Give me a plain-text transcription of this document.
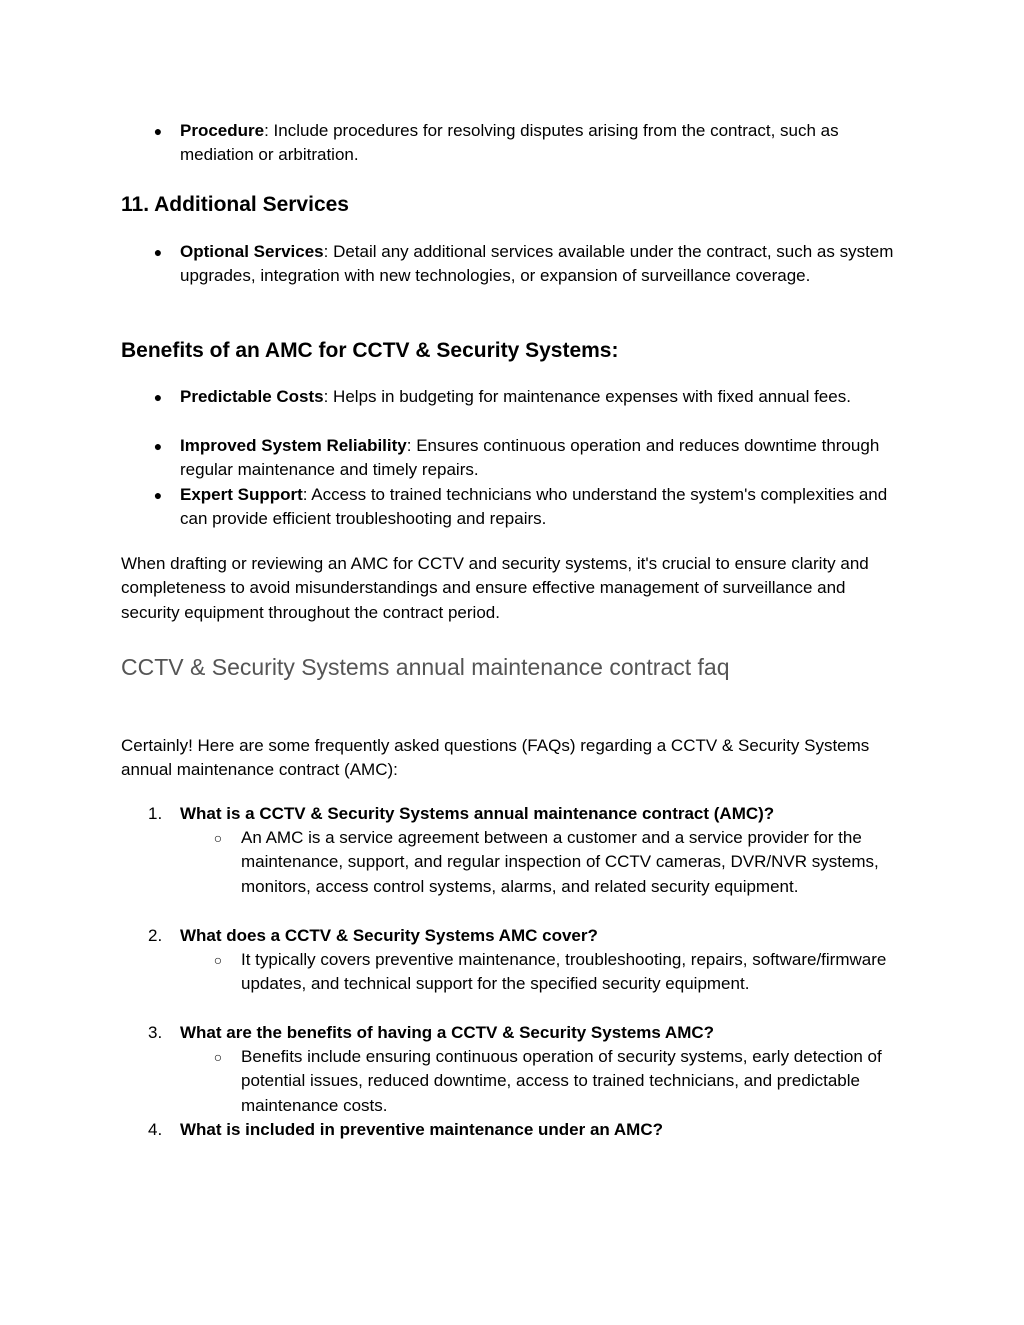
● Procedure: Include procedures for resolving disputes arising from the contract, such as mediation or arbitration.
11. Additional Services
● Optional Services: Detail any additional services available under the contract, such as system upgrades, integration with new technologies, or expansion of surveillance coverage.
Benefits of an AMC for CCTV & Security Systems:
● Predictable Costs: Helps in budgeting for maintenance expenses with fixed annual fees.
● Improved System Reliability: Ensures continuous operation and reduces downtime through regular maintenance and timely repairs.
● Expert Support: Access to trained technicians who understand the system's complexities and can provide efficient troubleshooting and repairs.
When drafting or reviewing an AMC for CCTV and security systems, it's crucial to ensure clarity and completeness to avoid misunderstandings and ensure effective management of surveillance and security equipment throughout the contract period.
CCTV & Security Systems annual maintenance contract faq
Certainly! Here are some frequently asked questions (FAQs) regarding a CCTV & Security Systems annual maintenance contract (AMC):
1.	What is a CCTV & Security Systems annual maintenance contract (AMC)?
○ An AMC is a service agreement between a customer and a service provider for the maintenance, support, and regular inspection of CCTV cameras, DVR/NVR systems, monitors, access control systems, alarms, and related security equipment.
2.	What does a CCTV & Security Systems AMC cover?
○ It typically covers preventive maintenance, troubleshooting, repairs, software/firmware updates, and technical support for the specified security equipment.
3.	What are the benefits of having a CCTV & Security Systems AMC?
○ Benefits include ensuring continuous operation of security systems, early detection of potential issues, reduced downtime, access to trained technicians, and predictable maintenance costs.
4.	What is included in preventive maintenance under an AMC?
